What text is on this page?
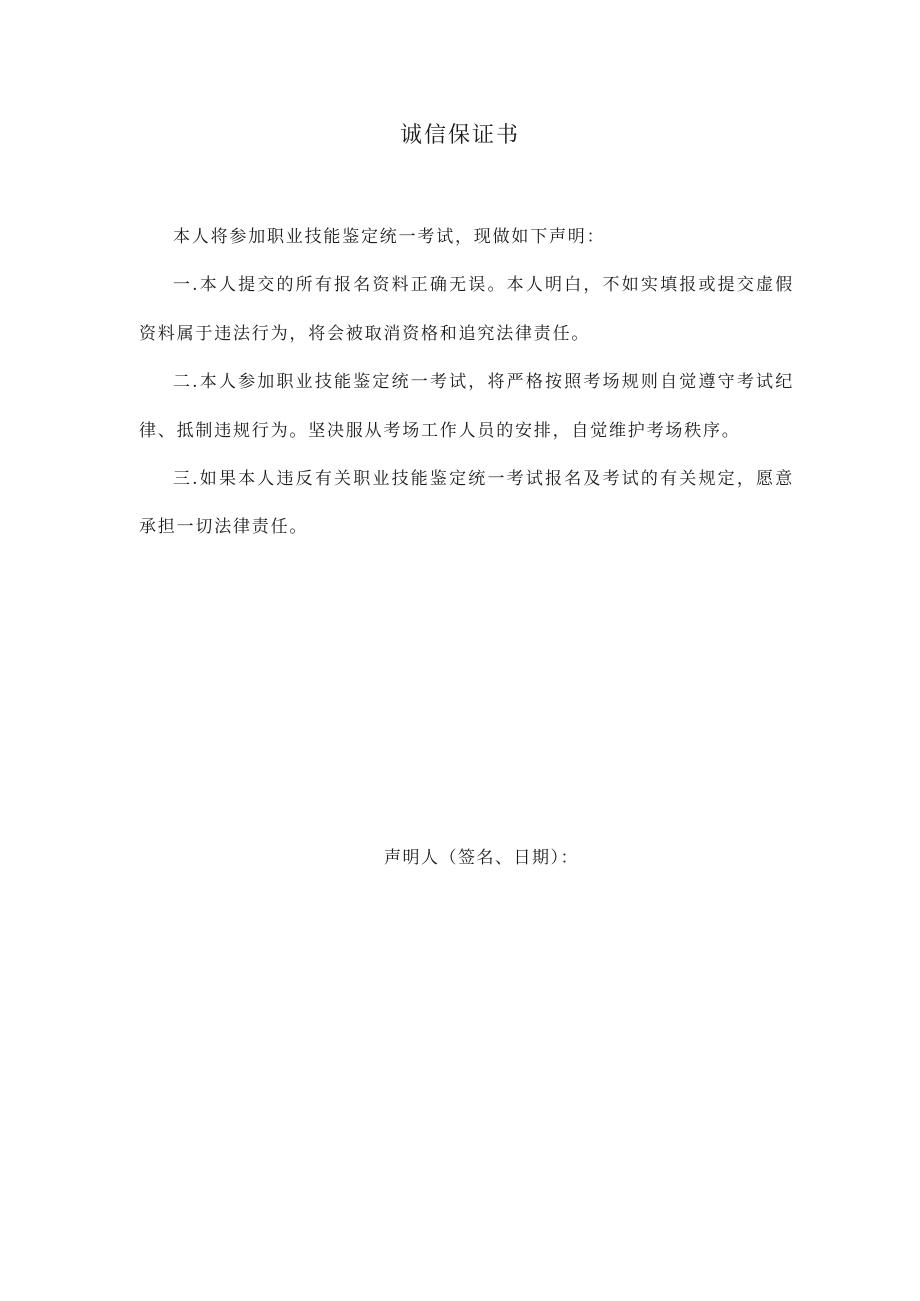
诚信保证书

本人将参加职业技能鉴定统一考试，现做如下声明：

一.本人提交的所有报名资料正确无误。本人明白，不如实填报或提交虚假资料属于违法行为，将会被取消资格和追究法律责任。

二.本人参加职业技能鉴定统一考试，将严格按照考场规则自觉遵守考试纪律、抵制违规行为。坚决服从考场工作人员的安排，自觉维护考场秩序。

三.如果本人违反有关职业技能鉴定统一考试报名及考试的有关规定，愿意承担一切法律责任。

声明人（签名、日期）：
